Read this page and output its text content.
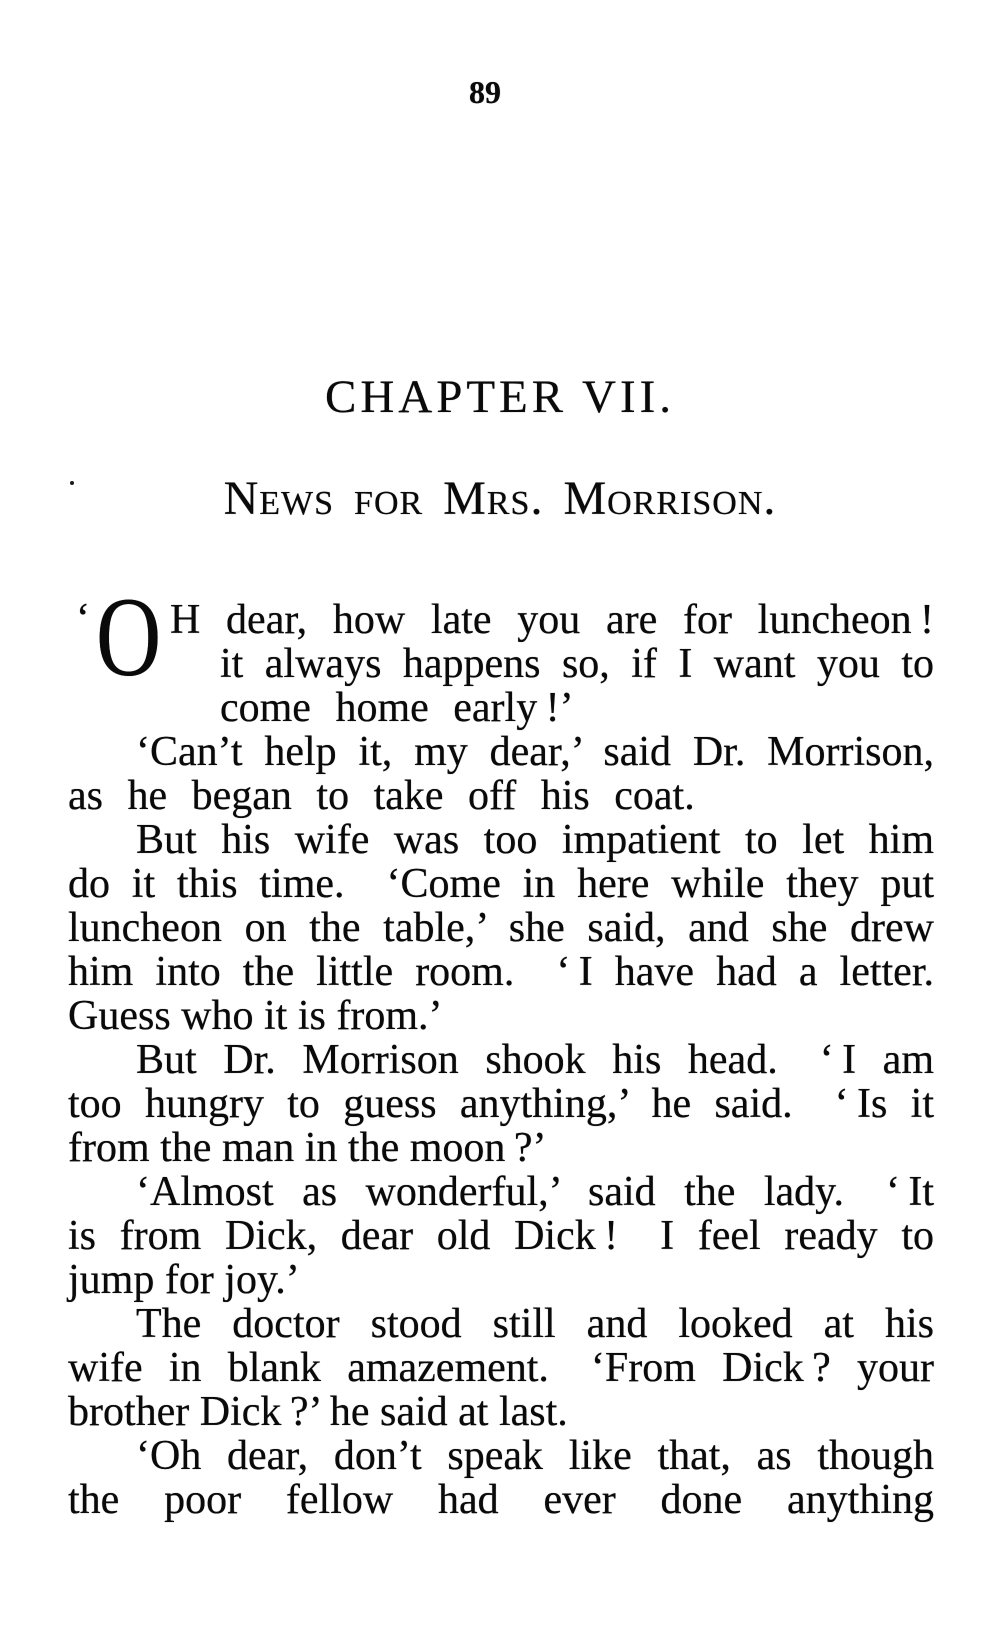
89
CHAPTER VII.
News for Mrs. Morrison.
‘ O H dear, how late you are for luncheon !
it always happens so, if I want you to
come home early !’
‘Can’t help it, my dear,’ said Dr. Morrison,
as he began to take off his coat.
But his wife was too impatient to let him
do it this time. ‘Come in here while they put
luncheon on the table,’ she said, and she drew
him into the little room. ‘ I have had a letter.
Guess who it is from.’
But Dr. Morrison shook his head. ‘ I am
too hungry to guess anything,’ he said. ‘ Is it
from the man in the moon ?’
‘Almost as wonderful,’ said the lady. ‘ It
is from Dick, dear old Dick ! I feel ready to
jump for joy.’
The doctor stood still and looked at his
wife in blank amazement. ‘From Dick ? your
brother Dick ?’ he said at last.
‘Oh dear, don’t speak like that, as though
the poor fellow had ever done anything
